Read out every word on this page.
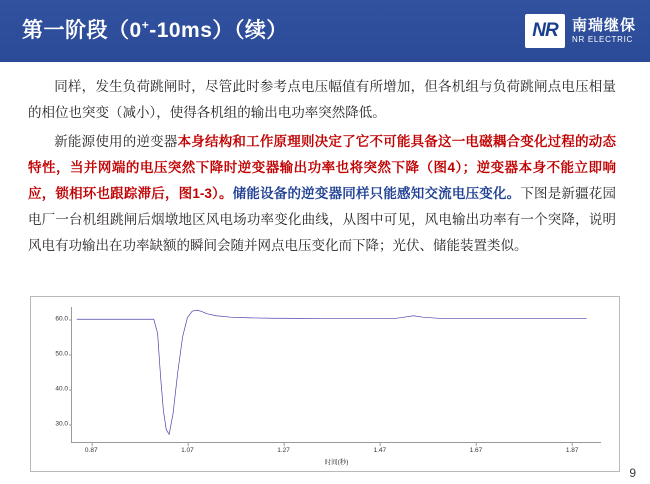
第一阶段（0+-10ms）（续）	NR 南瑞继保
NR ELECTRIC

同样，发生负荷跳闸时，尽管此时参考点电压幅值有所增加，但各机组与负荷跳闸点电压相量的相位也突变（减小），使得各机组的输出电功率突然降低。

新能源使用的逆变器本身结构和工作原理则决定了它不可能具备这一电磁耦合变化过程的动态特性，当并网端的电压突然下降时逆变器输出功率也将突然下降（图4）；逆变器本身不能立即响应，锁相环也跟踪滞后，图1-3）。储能设备的逆变器同样只能感知交流电压变化。下图是新疆花园电厂一台机组跳闸后烟墩地区风电场功率变化曲线，从图中可见，风电输出功率有一个突降，说明风电有功输出在功率缺额的瞬间会随并网点电压变化而下降；光伏、储能装置类似。

时间(秒)
60.0
50.0
40.0
30.0
0.87	1.07	1.27	1.47	1.67	1.87
9
